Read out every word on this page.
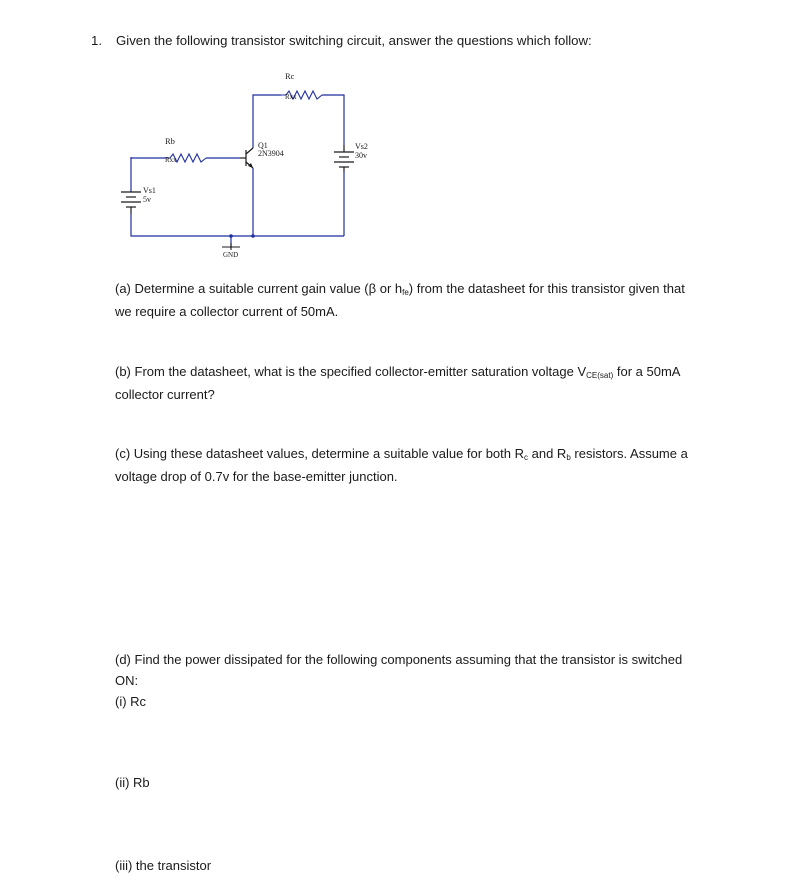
1. Given the following transistor switching circuit, answer the questions which follow:
Rc
Rxx
Rb
Rxx
Q1
2N3904
Vs2
30v
Vs1
5v
GND
(a) Determine a suitable current gain value (β or hfe) from the datasheet for this transistor given that
we require a collector current of 50mA.
(b) From the datasheet, what is the specified collector-emitter saturation voltage VCE(sat) for a 50mA
collector current?
(c) Using these datasheet values, determine a suitable value for both Rc and Rb resistors. Assume a
voltage drop of 0.7v for the base-emitter junction.
(d) Find the power dissipated for the following components assuming that the transistor is switched
ON:
(i) Rc
(ii) Rb
(iii) the transistor
